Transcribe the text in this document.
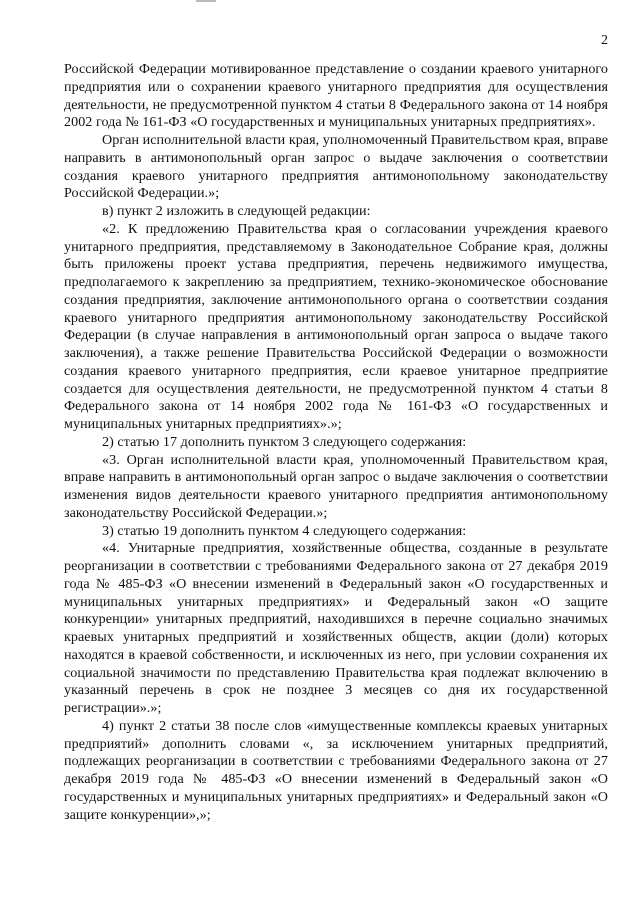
2

Российской Федерации мотивированное представление о создании краевого унитарного предприятия или о сохранении краевого унитарного предприятия для осуществления деятельности, не предусмотренной пунктом 4 статьи 8 Федерального закона от 14 ноября 2002 года № 161-ФЗ «О государственных и муниципальных унитарных предприятиях».

Орган исполнительной власти края, уполномоченный Правительством края, вправе направить в антимонопольный орган запрос о выдаче заключения о соответствии создания краевого унитарного предприятия антимонопольному законодательству Российской Федерации.»;

в) пункт 2 изложить в следующей редакции:

«2. К предложению Правительства края о согласовании учреждения краевого унитарного предприятия, представляемому в Законодательное Собрание края, должны быть приложены проект устава предприятия, перечень недвижимого имущества, предполагаемого к закреплению за предприятием, технико-экономическое обоснование создания предприятия, заключение антимонопольного органа о соответствии создания краевого унитарного предприятия антимонопольному законодательству Российской Федерации (в случае направления в антимонопольный орган запроса о выдаче такого заключения), а также решение Правительства Российской Федерации о возможности создания краевого унитарного предприятия, если краевое унитарное предприятие создается для осуществления деятельности, не предусмотренной пунктом 4 статьи 8 Федерального закона от 14 ноября 2002 года № 161-ФЗ «О государственных и муниципальных унитарных предприятиях».»;

2) статью 17 дополнить пунктом 3 следующего содержания:

«3. Орган исполнительной власти края, уполномоченный Правительством края, вправе направить в антимонопольный орган запрос о выдаче заключения о соответствии изменения видов деятельности краевого унитарного предприятия антимонопольному законодательству Российской Федерации.»;

3) статью 19 дополнить пунктом 4 следующего содержания:

«4. Унитарные предприятия, хозяйственные общества, созданные в результате реорганизации в соответствии с требованиями Федерального закона от 27 декабря 2019 года № 485-ФЗ «О внесении изменений в Федеральный закон «О государственных и муниципальных унитарных предприятиях» и Федеральный закон «О защите конкуренции» унитарных предприятий, находившихся в перечне социально значимых краевых унитарных предприятий и хозяйственных обществ, акции (доли) которых находятся в краевой собственности, и исключенных из него, при условии сохранения их социальной значимости по представлению Правительства края подлежат включению в указанный перечень в срок не позднее 3 месяцев со дня их государственной регистрации».»;

4) пункт 2 статьи 38 после слов «имущественные комплексы краевых унитарных предприятий» дополнить словами «, за исключением унитарных предприятий, подлежащих реорганизации в соответствии с требованиями Федерального закона от 27 декабря 2019 года № 485-ФЗ «О внесении изменений в Федеральный закон «О государственных и муниципальных унитарных предприятиях» и Федеральный закон «О защите конкуренции»,»;
